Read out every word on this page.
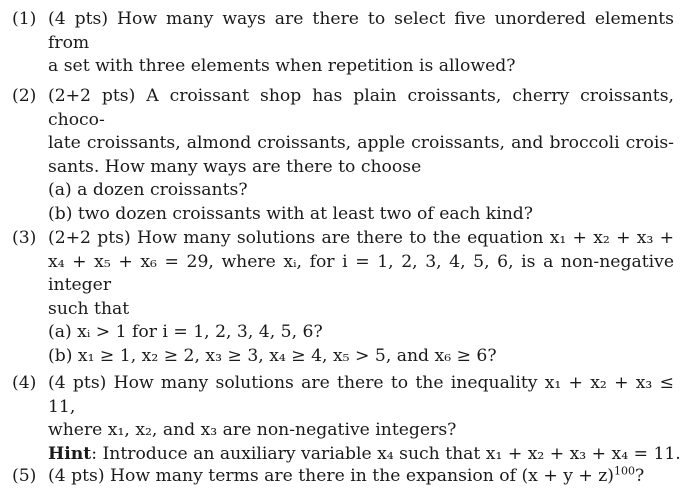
(1) (4 pts) How many ways are there to select five unordered elements from
a set with three elements when repetition is allowed?
(2) (2+2 pts) A croissant shop has plain croissants, cherry croissants, choco-
late croissants, almond croissants, apple croissants, and broccoli crois-
sants. How many ways are there to choose
(a) a dozen croissants?
(b) two dozen croissants with at least two of each kind?
(3) (2+2 pts) How many solutions are there to the equation x₁ + x₂ + x₃ +
x₄ + x₅ + x₆ = 29, where xᵢ, for i = 1, 2, 3, 4, 5, 6, is a non-negative integer
such that
(a) xᵢ > 1 for i = 1, 2, 3, 4, 5, 6?
(b) x₁ ≥ 1, x₂ ≥ 2, x₃ ≥ 3, x₄ ≥ 4, x₅ > 5, and x₆ ≥ 6?
(4) (4 pts) How many solutions are there to the inequality x₁ + x₂ + x₃ ≤ 11,
where x₁, x₂, and x₃ are non-negative integers?
Hint: Introduce an auxiliary variable x₄ such that x₁ + x₂ + x₃ + x₄ = 11.
(5) (4 pts) How many terms are there in the expansion of $(x + y + z)^{100}$?
